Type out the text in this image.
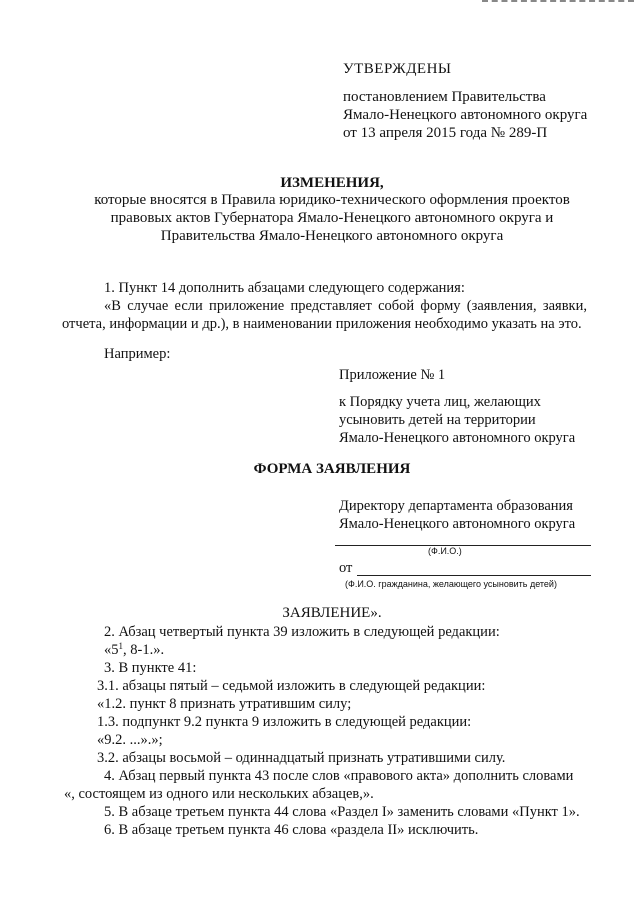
УТВЕРЖДЕНЫ
постановлением Правительства
Ямало-Ненецкого автономного округа
от 13 апреля 2015 года № 289-П
ИЗМЕНЕНИЯ,
которые вносятся в Правила юридико-технического оформления проектов
правовых актов Губернатора Ямало-Ненецкого автономного округа и
Правительства Ямало-Ненецкого автономного округа
1. Пункт 14 дополнить абзацами следующего содержания:
«В случае если приложение представляет собой форму (заявления, заявки, отчета, информации и др.), в наименовании приложения необходимо указать на это.
Например:
Приложение № 1
к Порядку учета лиц, желающих
усыновить детей на территории
Ямало-Ненецкого автономного округа
ФОРМА ЗАЯВЛЕНИЯ
Директору департамента образования
Ямало-Ненецкого автономного округа
(Ф.И.О.)
от
(Ф.И.О. гражданина, желающего усыновить детей)
ЗАЯВЛЕНИЕ».
2. Абзац четвертый пункта 39 изложить в следующей редакции:
«$5^1$, 8-1.».
3. В пункте 41:
3.1. абзацы пятый – седьмой изложить в следующей редакции:
«1.2. пункт 8 признать утратившим силу;
1.3. подпункт 9.2 пункта 9 изложить в следующей редакции:
«9.2. ...».»;
3.2. абзацы восьмой – одиннадцатый признать утратившими силу.
4. Абзац первый пункта 43 после слов «правового акта» дополнить словами
«, состоящем из одного или нескольких абзацев,».
5. В абзаце третьем пункта 44 слова «Раздел I» заменить словами «Пункт 1».
6. В абзаце третьем пункта 46 слова «раздела II» исключить.
